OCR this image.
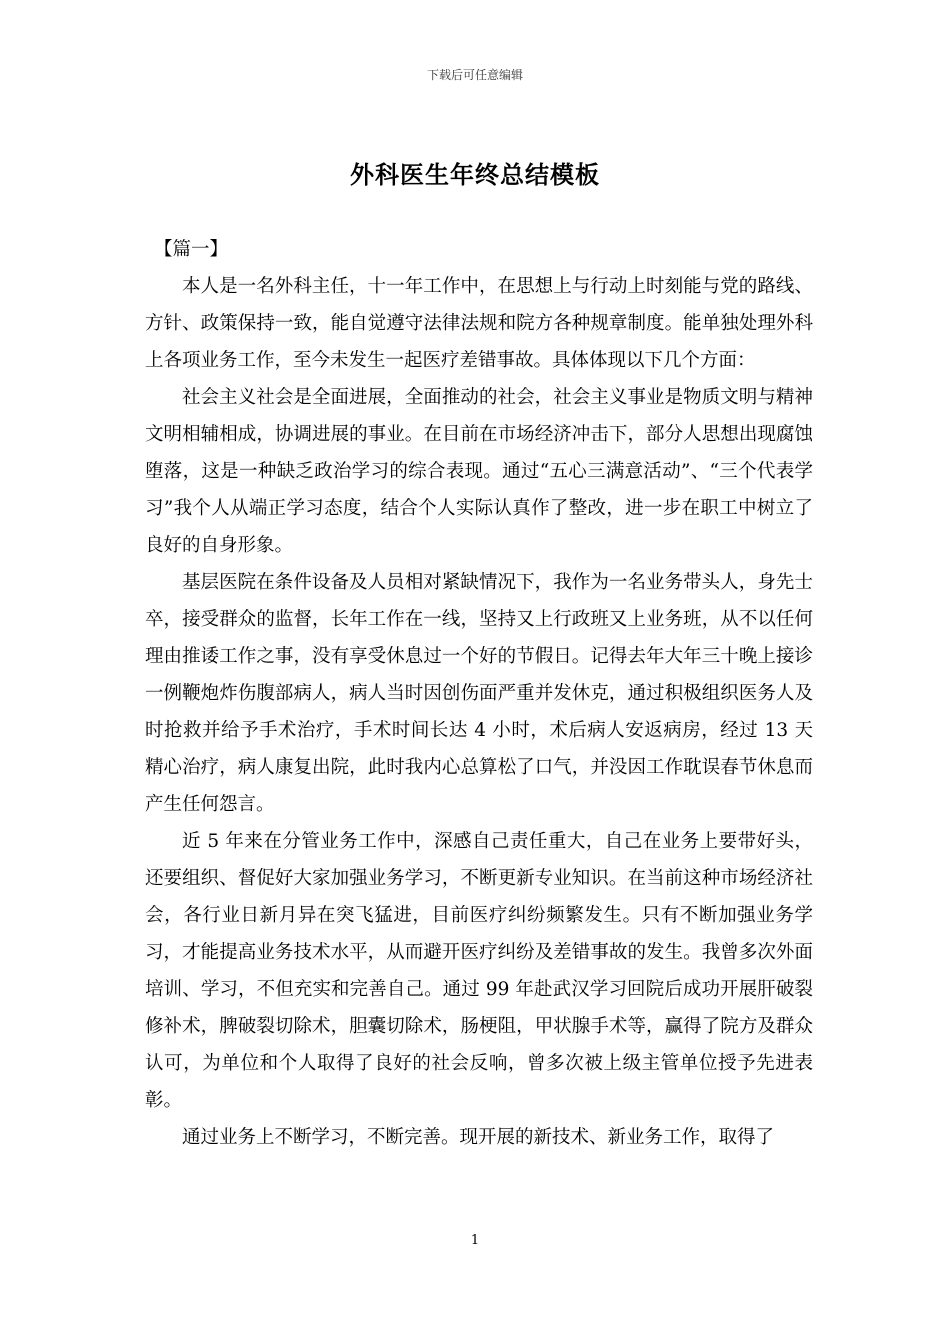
下载后可任意编辑
外科医生年终总结模板

【篇一】

本人是一名外科主任，十一年工作中，在思想上与行动上时刻能与党的路线、方针、政策保持一致，能自觉遵守法律法规和院方各种规章制度。能单独处理外科上各项业务工作，至今未发生一起医疗差错事故。具体体现以下几个方面：

社会主义社会是全面进展，全面推动的社会，社会主义事业是物质文明与精神文明相辅相成，协调进展的事业。在目前在市场经济冲击下，部分人思想出现腐蚀堕落，这是一种缺乏政治学习的综合表现。通过“五心三满意活动”、“三个代表学习”我个人从端正学习态度，结合个人实际认真作了整改，进一步在职工中树立了良好的自身形象。

基层医院在条件设备及人员相对紧缺情况下，我作为一名业务带头人，身先士卒，接受群众的监督，长年工作在一线，坚持又上行政班又上业务班，从不以任何理由推诿工作之事，没有享受休息过一个好的节假日。记得去年大年三十晚上接诊一例鞭炮炸伤腹部病人，病人当时因创伤面严重并发休克，通过积极组织医务人及时抢救并给予手术治疗，手术时间长达 4 小时，术后病人安返病房，经过 13 天精心治疗，病人康复出院，此时我内心总算松了口气，并没因工作耽误春节休息而产生任何怨言。

近 5 年来在分管业务工作中，深感自己责任重大，自己在业务上要带好头，还要组织、督促好大家加强业务学习，不断更新专业知识。在当前这种市场经济社会，各行业日新月异在突飞猛进，目前医疗纠纷频繁发生。只有不断加强业务学习，才能提高业务技术水平，从而避开医疗纠纷及差错事故的发生。我曾多次外面培训、学习，不但充实和完善自己。通过 99 年赴武汉学习回院后成功开展肝破裂修补术，脾破裂切除术，胆囊切除术，肠梗阻，甲状腺手术等，赢得了院方及群众认可，为单位和个人取得了良好的社会反响，曾多次被上级主管单位授予先进表彰。

通过业务上不断学习，不断完善。现开展的新技术、新业务工作，取得了

1
